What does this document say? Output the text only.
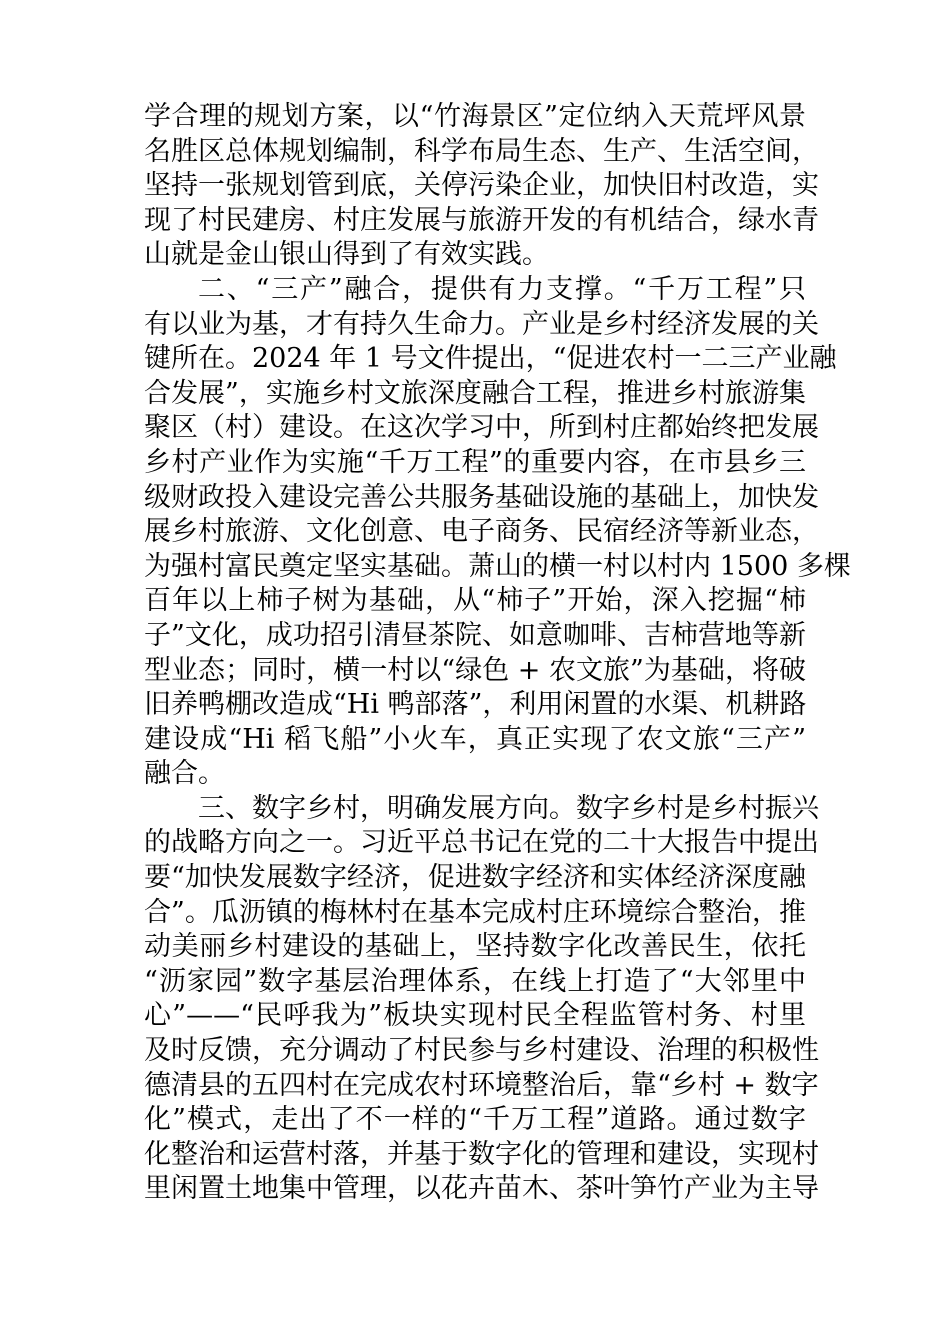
学合理的规划方案，以“竹海景区”定位纳入天荒坪风景
名胜区总体规划编制，科学布局生态、生产、生活空间，
坚持一张规划管到底，关停污染企业，加快旧村改造，实
现了村民建房、村庄发展与旅游开发的有机结合，绿水青
山就是金山银山得到了有效实践。
二、“三产”融合，提供有力支撑。“千万工程”只
有以业为基，才有持久生命力。产业是乡村经济发展的关
键所在。2024 年 1 号文件提出，“促进农村一二三产业融
合发展”，实施乡村文旅深度融合工程，推进乡村旅游集
聚区（村）建设。在这次学习中，所到村庄都始终把发展
乡村产业作为实施“千万工程”的重要内容，在市县乡三
级财政投入建设完善公共服务基础设施的基础上，加快发
展乡村旅游、文化创意、电子商务、民宿经济等新业态，
为强村富民奠定坚实基础。萧山的横一村以村内 1500 多棵
百年以上柿子树为基础，从“柿子”开始，深入挖掘“柿
子”文化，成功招引清昼茶院、如意咖啡、吉柿营地等新
型业态；同时，横一村以“绿色 + 农文旅”为基础，将破
旧养鸭棚改造成“Hi 鸭部落”，利用闲置的水渠、机耕路
建设成“Hi 稻飞船”小火车，真正实现了农文旅“三产”
融合。
三、数字乡村，明确发展方向。数字乡村是乡村振兴
的战略方向之一。习近平总书记在党的二十大报告中提出
要“加快发展数字经济，促进数字经济和实体经济深度融
合”。瓜沥镇的梅林村在基本完成村庄环境综合整治，推
动美丽乡村建设的基础上，坚持数字化改善民生，依托
“沥家园”数字基层治理体系，在线上打造了“大邻里中
心”——“民呼我为”板块实现村民全程监管村务、村里
及时反馈，充分调动了村民参与乡村建设、治理的积极性
德清县的五四村在完成农村环境整治后，靠“乡村 + 数字
化”模式，走出了不一样的“千万工程”道路。通过数字
化整治和运营村落，并基于数字化的管理和建设，实现村
里闲置土地集中管理，以花卉苗木、茶叶笋竹产业为主导
